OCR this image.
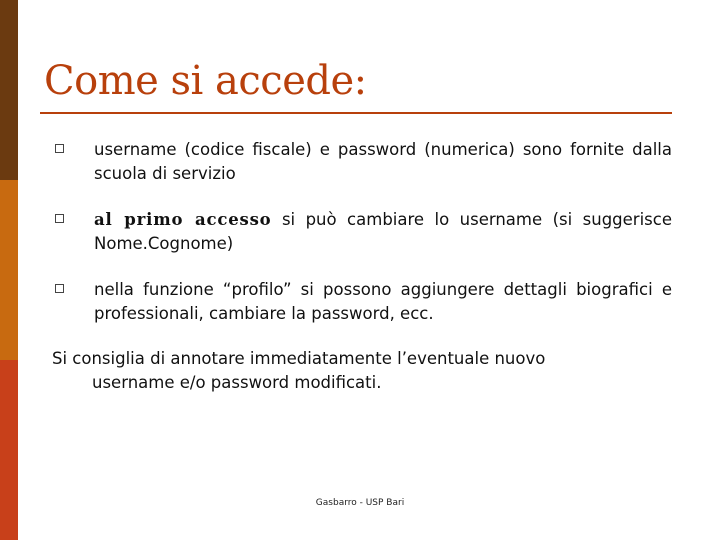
Come si accede:
username (codice fiscale) e password (numerica) sono fornite dalla scuola di servizio
al primo accesso si può cambiare lo username (si suggerisce Nome.Cognome)
nella funzione “profilo” si possono aggiungere dettagli biografici e professionali, cambiare la password, ecc.
Si consiglia di annotare immediatamente l’eventuale nuovo
username e/o password modificati.
Gasbarro - USP Bari
